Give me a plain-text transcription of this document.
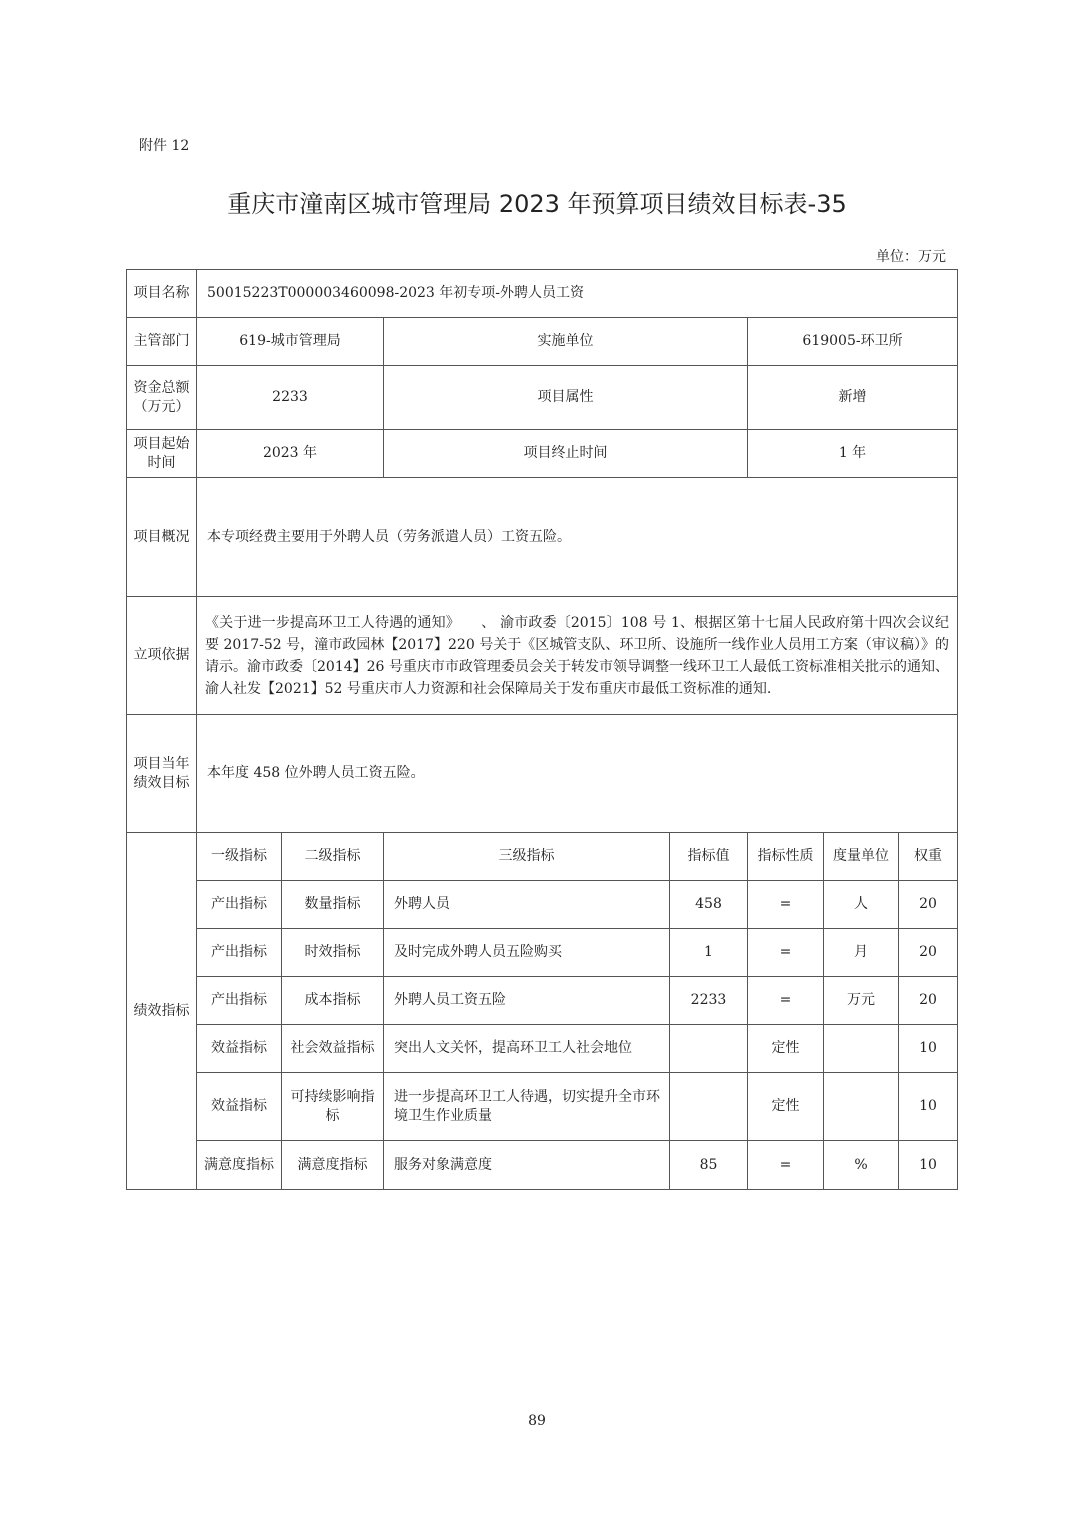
附件 12
重庆市潼南区城市管理局 2023 年预算项目绩效目标表-35
单位：万元
项目名称	50015223T000003460098-2023 年初专项-外聘人员工资						
主管部门	619-城市管理局		实施单位		619005-环卫所		
资金总额（万元）	2233		项目属性		新增		
项目起始时间	2023 年		项目终止时间		1 年		
项目概况	本专项经费主要用于外聘人员（劳务派遣人员）工资五险。						
立项依据	《关于进一步提高环卫工人待遇的通知》　　、 渝市政委〔2015〕108 号 1、根据区第十七届人民政府第十四次会议纪要 2017-52 号，潼市政园林【2017】220 号关于《区城管支队、环卫所、设施所一线作业人员用工方案（审议稿）》的请示。渝市政委〔2014】26 号重庆市市政管理委员会关于转发市领导调整一线环卫工人最低工资标准相关批示的通知、渝人社发【2021】52 号重庆市人力资源和社会保障局关于发布重庆市最低工资标准的通知.						
项目当年绩效目标	本年度 458 位外聘人员工资五险。						
绩效指标	一级指标	二级指标	三级指标	指标值	指标性质	度量单位	权重
	产出指标	数量指标	外聘人员	458	=	人	20
	产出指标	时效指标	及时完成外聘人员五险购买	1	=	月	20
	产出指标	成本指标	外聘人员工资五险	2233	=	万元	20
	效益指标	社会效益指标	突出人文关怀，提高环卫工人社会地位		定性		10
	效益指标	可持续影响指标	进一步提高环卫工人待遇，切实提升全市环境卫生作业质量		定性		10
	满意度指标	满意度指标	服务对象满意度	85	=	%	10
89
